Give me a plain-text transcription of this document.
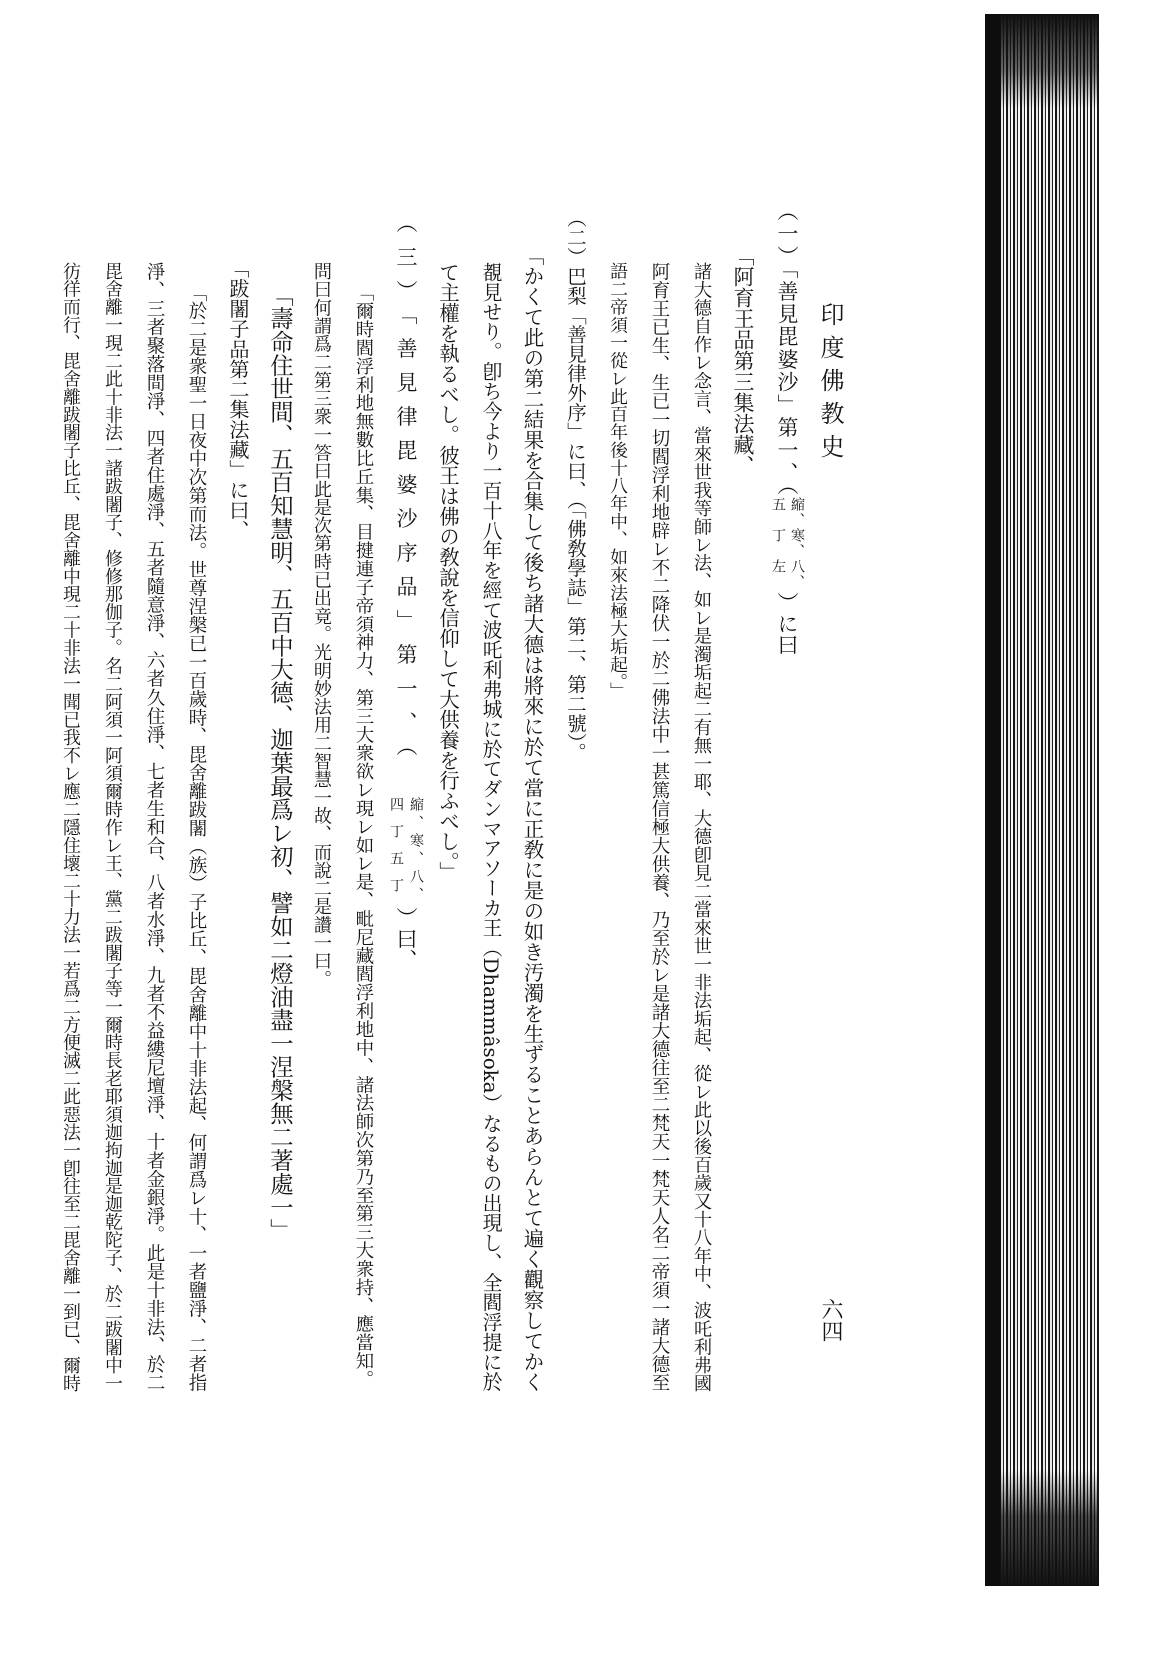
印度佛教史
六四
（一）「善見毘婆沙」第一、（
縮、寒、八、
五丁左
）に曰
「阿育王品第三集法藏、
諸大德自作レ念言、當來世我等師レ法、如レ是濁垢起二有無一耶、大德卽見二當來世一非法垢起、從レ此以後百歲又十八年中、波吒利弗國
阿育王已生、生已一切閻浮利地辟レ不二降伏一於二佛法中一甚篤信極大供養、乃至於レ是諸大德往至二梵天一梵天人名二帝須一諸大德至
語二帝須一從レ此百年後十八年中、如來法極大垢起。」
（二）巴梨「善見律外序」に曰、（「佛敎學誌」第二、第二號）。
「かくて此の第二結果を合集して後ち諸大德は將來に於て當に正敎に是の如き汚濁を生ずることあらんとて遍く觀察してかく
覩見せり。卽ち今より一百十八年を經て波吒利弗城に於てダンマアソーカ王（Dhammâsoka）なるもの出現し、全閻浮提に於
て主權を執るべし。彼王は佛の敎說を信仰して大供養を行ふべし。」
（三）「善見律毘婆沙序品」第一、（
縮、寒、八、
四丁五丁
）曰、
「爾時閻浮利地無數比丘集、目揵連子帝須神力、第三大衆欲レ現レ如レ是、毗尼藏閻浮利地中、諸法師次第乃至第三大衆持、應當知。
問曰何謂爲二第三衆一答曰此是次第時已出竟。光明妙法用二智慧一故、而說二是讚一曰。
「壽命住世間、五百知慧明、五百中大德、迦葉最爲レ初、譬如二燈油盡一涅槃無二著處一」
「跋闍子品第二集法藏」に曰、
「於二是衆聖一日夜中次第而法。世尊涅槃已一百歲時、毘舍離跋闍（族）子比丘、毘舍離中十非法起、何謂爲レ十、一者鹽淨、二者指
淨、三者聚落間淨、四者住處淨、五者隨意淨、六者久住淨、七者生和合、八者水淨、九者不益縷尼壇淨、十者金銀淨。此是十非法、於二
毘舍離一現二此十非法一諸跋闍子、修修那伽子。名二阿須一阿須爾時作レ王、黨二跋闍子等一爾時長老耶須迦拘迦是迦乾陀子、於二跋闍中一
彷徉而行、毘舍離跋闍子比丘、毘舍離中現二十非法一聞已我不レ應二隱住壞二十力法一若爲二方便滅二此惡法一卽往至二毘舍離一到已、爾時
